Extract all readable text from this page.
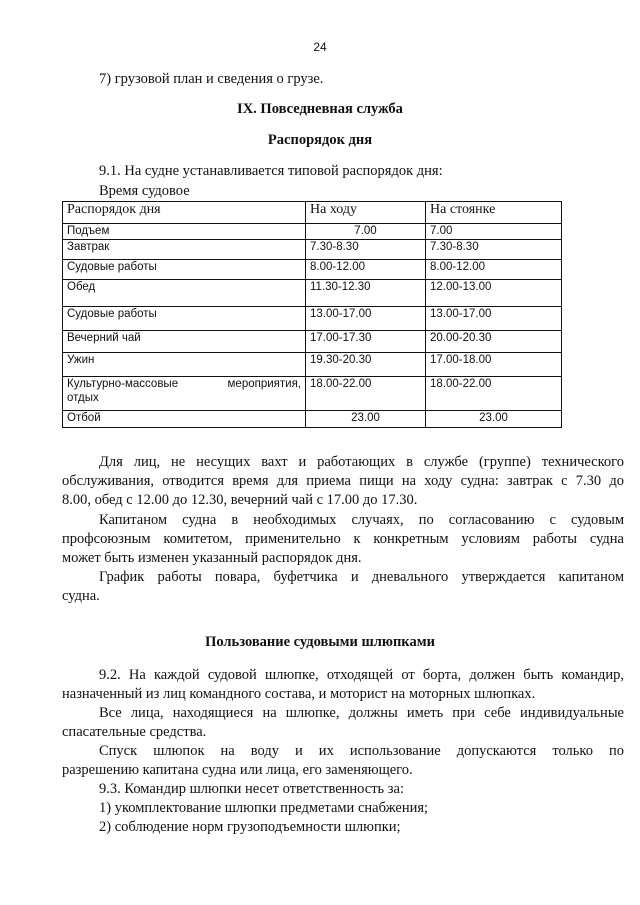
24
7) грузовой план и сведения о грузе.
IX. Повседневная служба
Распорядок дня
9.1. На судне устанавливается типовой распорядок дня:
Время судовое
Распорядок дня	На ходу	На стоянке
Подъем	7.00	7.00
Завтрак	7.30-8.30	7.30-8.30
Судовые работы	8.00-12.00	8.00-12.00
Обед	11.30-12.30	12.00-13.00
Судовые работы	13.00-17.00	13.00-17.00
Вечерний чай	17.00-17.30	20.00-20.30
Ужин	19.30-20.30	17.00-18.00

Культурно-массовые мероприятия,
отдых	18.00-22.00	18.00-22.00
Отбой	23.00	23.00
Для лиц, не несущих вахт и работающих в службе (группе) технического
обслуживания, отводится время для приема пищи на ходу судна: завтрак с 7.30 до
8.00, обед с 12.00 до 12.30, вечерний чай с 17.00 до 17.30.
Капитаном судна в необходимых случаях, по согласованию с судовым
профсоюзным комитетом, применительно к конкретным условиям работы судна
может быть изменен указанный распорядок дня.
График работы повара, буфетчика и дневального утверждается капитаном
судна.
Пользование судовыми шлюпками
9.2. На каждой судовой шлюпке, отходящей от борта, должен быть командир,
назначенный из лиц командного состава, и моторист на моторных шлюпках.
Все лица, находящиеся на шлюпке, должны иметь при себе индивидуальные
спасательные средства.
Спуск шлюпок на воду и их использование допускаются только по
разрешению капитана судна или лица, его заменяющего.
9.3. Командир шлюпки несет ответственность за:
1) укомплектование шлюпки предметами снабжения;
2) соблюдение норм грузоподъемности шлюпки;
